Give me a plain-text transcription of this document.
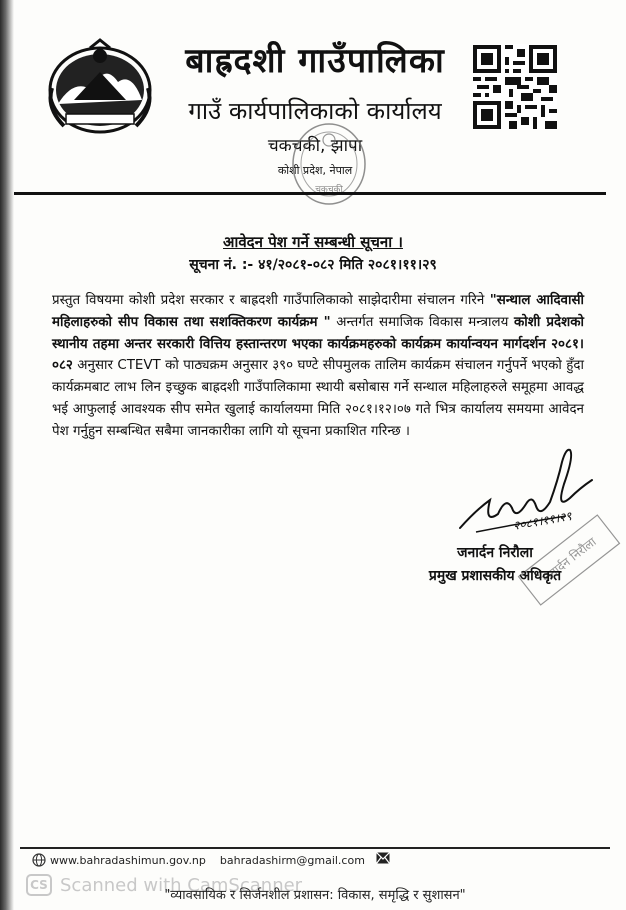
बाह्रदशी गाउँपालिका

गाउँ कार्यपालिकाको कार्यालय

चकचकी, झापा

कोशी प्रदेश, नेपाल

चकचकी

आवेदन पेश गर्ने सम्बन्धी सूचना ।

सूचना नं. :- ४१/२०८१-०८२ मिति २०८१।११।२९

प्रस्तुत विषयमा कोशी प्रदेश सरकार र बाह्रदशी गाउँपालिकाको साझेदारीमा संचालन गरिने "सन्थाल आदिवासी महिलाहरुको सीप विकास तथा सशक्तिकरण कार्यक्रम " अन्तर्गत समाजिक विकास मन्त्रालय कोशी प्रदेशको स्थानीय तहमा अन्तर सरकारी वित्तिय हस्तान्तरण भएका कार्यक्रमहरुको कार्यक्रम कार्यान्वयन मार्गदर्शन २०८१।०८२ अनुसार CTEVT को पाठ्यक्रम अनुसार ३९० घण्टे सीपमुलक तालिम कार्यक्रम संचालन गर्नुपर्ने भएको हुँदा कार्यक्रमबाट लाभ लिन इच्छुक बाह्रदशी गाउँपालिकामा स्थायी बसोबास गर्ने सन्थाल महिलाहरुले समूहमा आवद्ध भई आफुलाई आवश्यक सीप समेत खुलाई कार्यालयमा मिति २०८१।१२।०७ गते भित्र कार्यालय समयमा आवेदन पेश गर्नुहुन सम्बन्धित सबैमा जानकारीका लागि यो सूचना प्रकाशित गरिन्छ ।

२०८१।११।२९
जनार्दन निरौला

जनार्दन निरौला

प्रमुख प्रशासकीय अधिकृत

www.bahradashimun.gov.np bahradashirm@gmail.com
CS Scanned with CamScanner

"व्यावसायिक र सिर्जनशील प्रशासन: विकास, समृद्धि र सुशासन"
